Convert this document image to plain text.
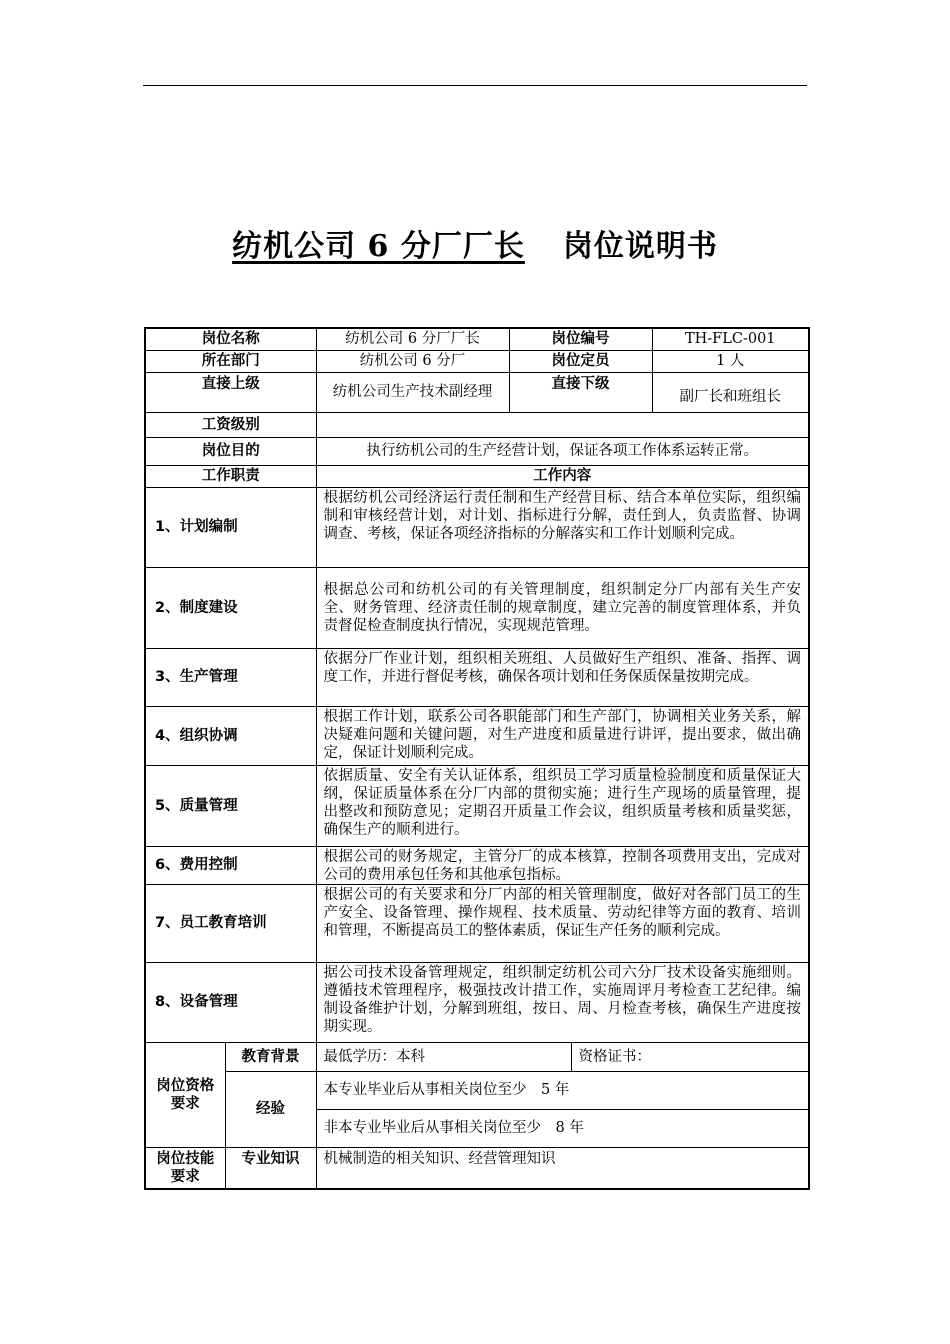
纺机公司 6 分厂厂长 岗位说明书
岗位名称		纺机公司 6 分厂厂长	岗位编号		TH-FLC-001
所在部门		纺机公司 6 分厂	岗位定员		1 人
直接上级		纺机公司生产技术副经理	直接下级		副厂长和班组长
工资级别					
岗位目的		执行纺机公司的生产经营计划，保证各项工作体系运转正常。			
工作职责		工作内容			
1、计划编制		根据纺机公司经济运行责任制和生产经营目标、结合本单位实际，组织编制和审核经营计划，对计划、指标进行分解，责任到人，负责监督、协调调查、考核，保证各项经济指标的分解落实和工作计划顺利完成。			
2、制度建设		根据总公司和纺机公司的有关管理制度，组织制定分厂内部有关生产安全、财务管理、经济责任制的规章制度，建立完善的制度管理体系，并负责督促检查制度执行情况，实现规范管理。			
3、生产管理		依据分厂作业计划，组织相关班组、人员做好生产组织、准备、指挥、调度工作，并进行督促考核，确保各项计划和任务保质保量按期完成。			
4、组织协调		根据工作计划，联系公司各职能部门和生产部门，协调相关业务关系，解决疑难问题和关键问题，对生产进度和质量进行讲评，提出要求，做出确定，保证计划顺利完成。			
5、质量管理		依据质量、安全有关认证体系，组织员工学习质量检验制度和质量保证大纲，保证质量体系在分厂内部的贯彻实施；进行生产现场的质量管理，提出整改和预防意见；定期召开质量工作会议，组织质量考核和质量奖惩，确保生产的顺利进行。			
6、费用控制		根据公司的财务规定，主管分厂的成本核算，控制各项费用支出，完成对公司的费用承包任务和其他承包指标。			
7、员工教育培训		根据公司的有关要求和分厂内部的相关管理制度，做好对各部门员工的生产安全、设备管理、操作规程、技术质量、劳动纪律等方面的教育、培训和管理，不断提高员工的整体素质，保证生产任务的顺利完成。			
8、设备管理		据公司技术设备管理规定，组织制定纺机公司六分厂技术设备实施细则。遵循技术管理程序，极强技改计措工作，实施周评月考检查工艺纪律。编制设备维护计划，分解到班组，按日、周、月检查考核，确保生产进度按期实现。			
岗位资格要求	教育背景	最低学历：本科		资格证书：	
	经验	本专业毕业后从事相关岗位至少　5 年			
		非本专业毕业后从事相关岗位至少　8 年			
岗位技能要求	专业知识	机械制造的相关知识、经营管理知识			
